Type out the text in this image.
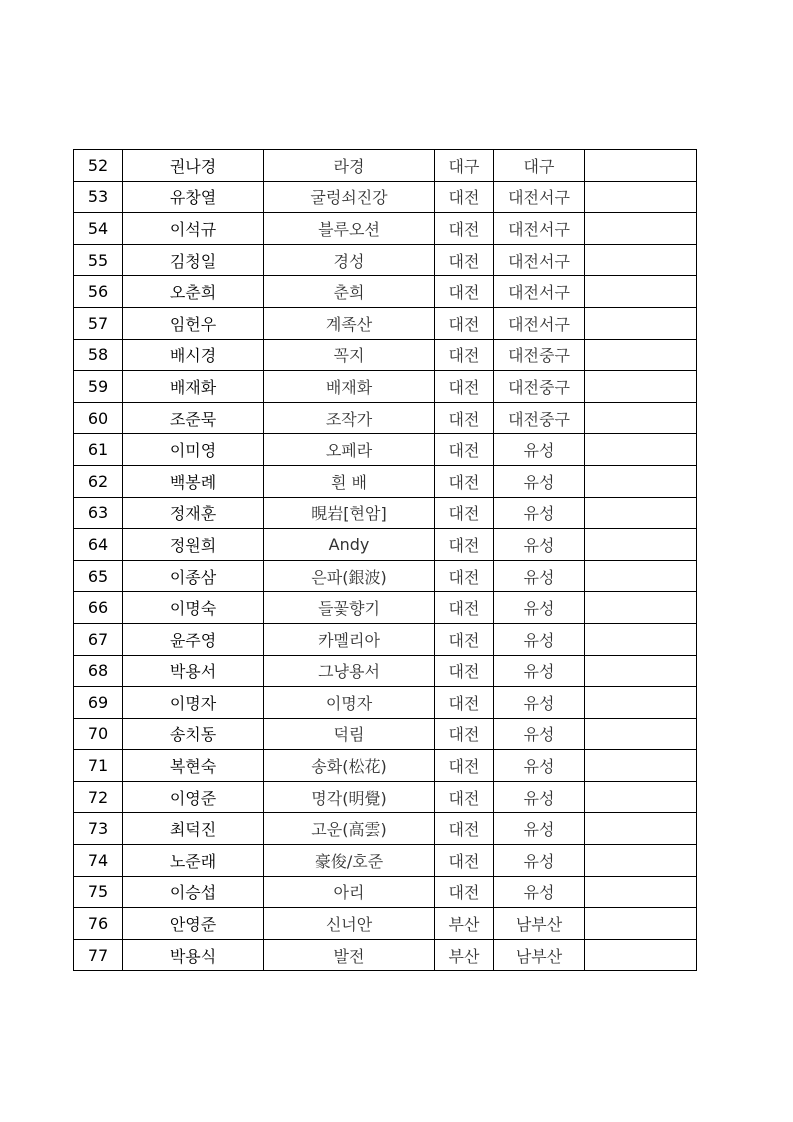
52	권나경	라경	대구	대구	
53	유창열	굴렁쇠진강	대전	대전서구	
54	이석규	블루오션	대전	대전서구	
55	김청일	경성	대전	대전서구	
56	오춘희	춘희	대전	대전서구	
57	임헌우	계족산	대전	대전서구	
58	배시경	꼭지	대전	대전중구	
59	배재화	배재화	대전	대전중구	
60	조준묵	조작가	대전	대전중구	
61	이미영	오페라	대전	유성	
62	백봉례	흰 배	대전	유성	
63	정재훈	晛岩[현암]	대전	유성	
64	정원희	Andy	대전	유성	
65	이종삼	은파(銀波)	대전	유성	
66	이명숙	들꽃향기	대전	유성	
67	윤주영	카멜리아	대전	유성	
68	박용서	그냥용서	대전	유성	
69	이명자	이명자	대전	유성	
70	송치동	덕림	대전	유성	
71	복현숙	송화(松花)	대전	유성	
72	이영준	명각(明覺)	대전	유성	
73	최덕진	고운(高雲)	대전	유성	
74	노준래	豪俊/호준	대전	유성	
75	이승섭	아리	대전	유성	
76	안영준	신너안	부산	남부산	
77	박용식	발전	부산	남부산	
